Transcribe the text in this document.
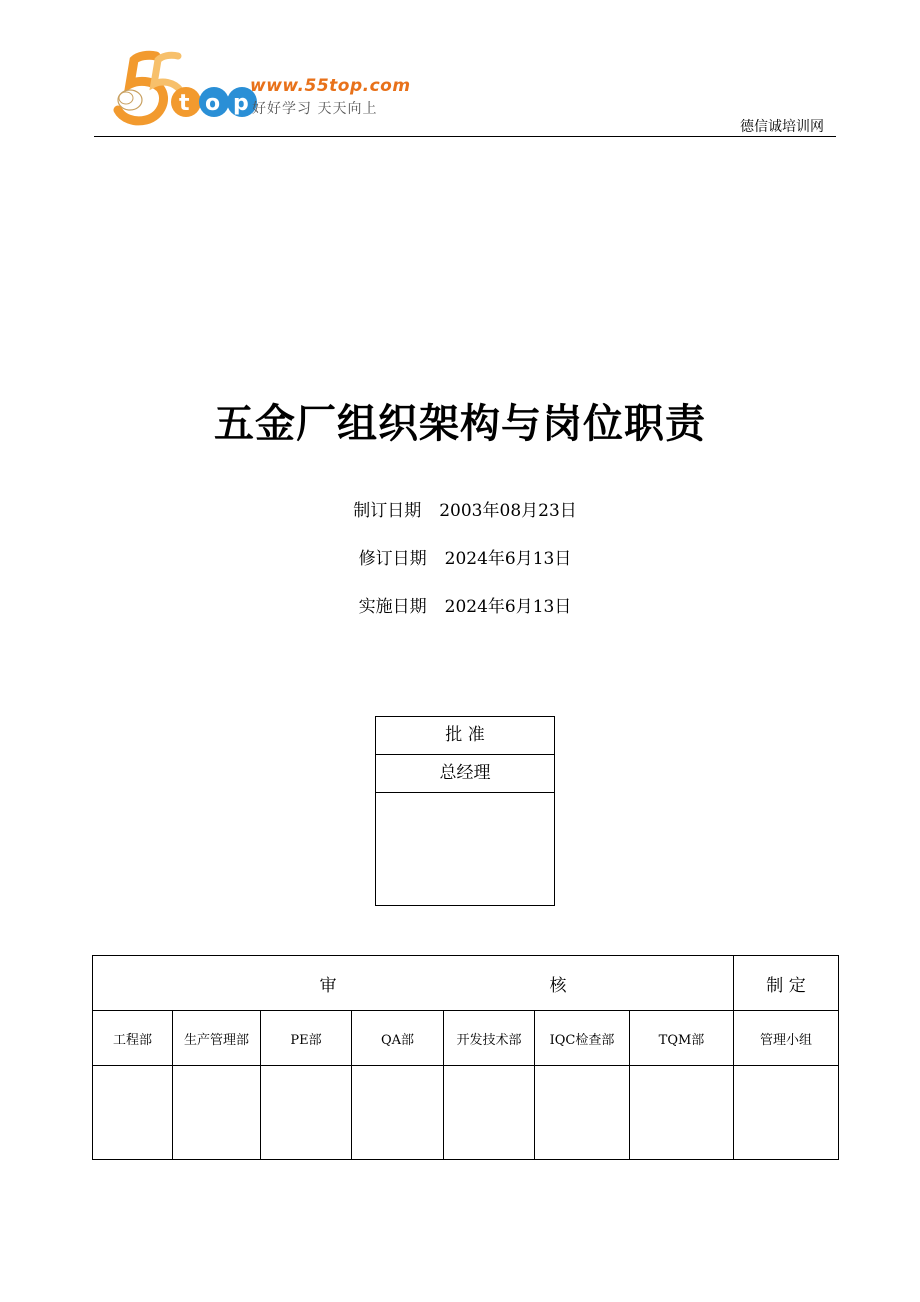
t o p
www.55top.com
好好学习 天天向上
德信诚培训网
五金厂组织架构与岗位职责
制订日期 2003年08月23日
修订日期 2024年6月13日
实施日期 2024年6月13日
批 准
总经理
审 核							制 定
工程部	生产管理部	PE部	QA部	开发技术部	IQC检查部	TQM部	管理小组
